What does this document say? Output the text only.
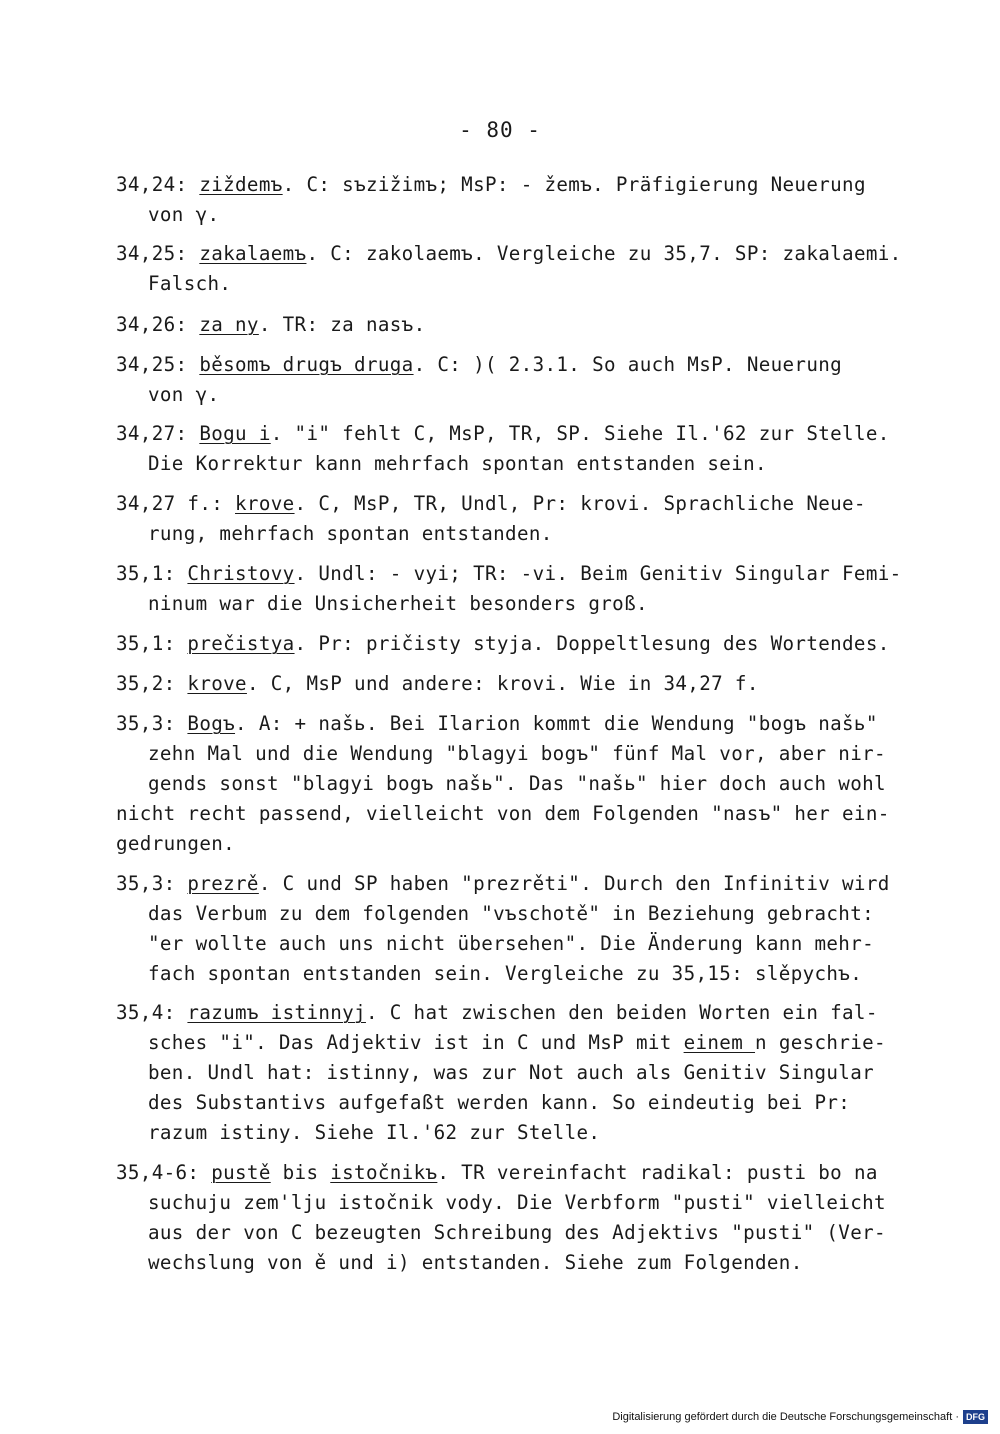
- 80 -
34,24: ziždemъ. C: sъzižimъ; MsP: - žemъ. Präfigierung Neuerung
von γ.
34,25: zakalaemъ. C: zakolaemъ. Vergleiche zu 35,7. SP: zakalaemi.
Falsch.
34,26: za ny. TR: za nasъ.
34,25: běsomъ drugъ druga. C: )( 2.3.1. So auch MsP. Neuerung
von γ.
34,27: Bogu i. "i" fehlt C, MsP, TR, SP. Siehe Il.'62 zur Stelle.
Die Korrektur kann mehrfach spontan entstanden sein.
34,27 f.: krove. C, MsP, TR, Undl, Pr: krovi. Sprachliche Neue-
rung, mehrfach spontan entstanden.
35,1: Christovy. Undl: - vyi; TR: -vi. Beim Genitiv Singular Femi-
ninum war die Unsicherheit besonders groß.
35,1: prečistya. Pr: pričisty styja. Doppeltlesung des Wortendes.
35,2: krove. C, MsP und andere: krovi. Wie in 34,27 f.
35,3: Bogъ. A: + našь. Bei Ilarion kommt die Wendung "bogъ našь"
zehn Mal und die Wendung "blagyi bogъ" fünf Mal vor, aber nir-
gends sonst "blagyi bogъ našь". Das "našь" hier doch auch wohl
nicht recht passend, vielleicht von dem Folgenden "nasъ" her ein-
gedrungen.
35,3: prezrě. C und SP haben "prezrěti". Durch den Infinitiv wird
das Verbum zu dem folgenden "vъschotě" in Beziehung gebracht:
"er wollte auch uns nicht übersehen". Die Änderung kann mehr-
fach spontan entstanden sein. Vergleiche zu 35,15: slěpychъ.
35,4: razumъ istinnyj. C hat zwischen den beiden Worten ein fal-
sches "i". Das Adjektiv ist in C und MsP mit einem n geschrie-
ben. Undl hat: istinny, was zur Not auch als Genitiv Singular
des Substantivs aufgefaßt werden kann. So eindeutig bei Pr:
razum istiny. Siehe Il.'62 zur Stelle.
35,4-6: pustě bis istočnikъ. TR vereinfacht radikal: pusti bo na
suchuju zem'lju istočnik vody. Die Verbform "pusti" vielleicht
aus der von C bezeugten Schreibung des Adjektivs "pusti" (Ver-
wechslung von ě und i) entstanden. Siehe zum Folgenden.
Digitalisierung gefördert durch die Deutsche Forschungsgemeinschaft · DFG
